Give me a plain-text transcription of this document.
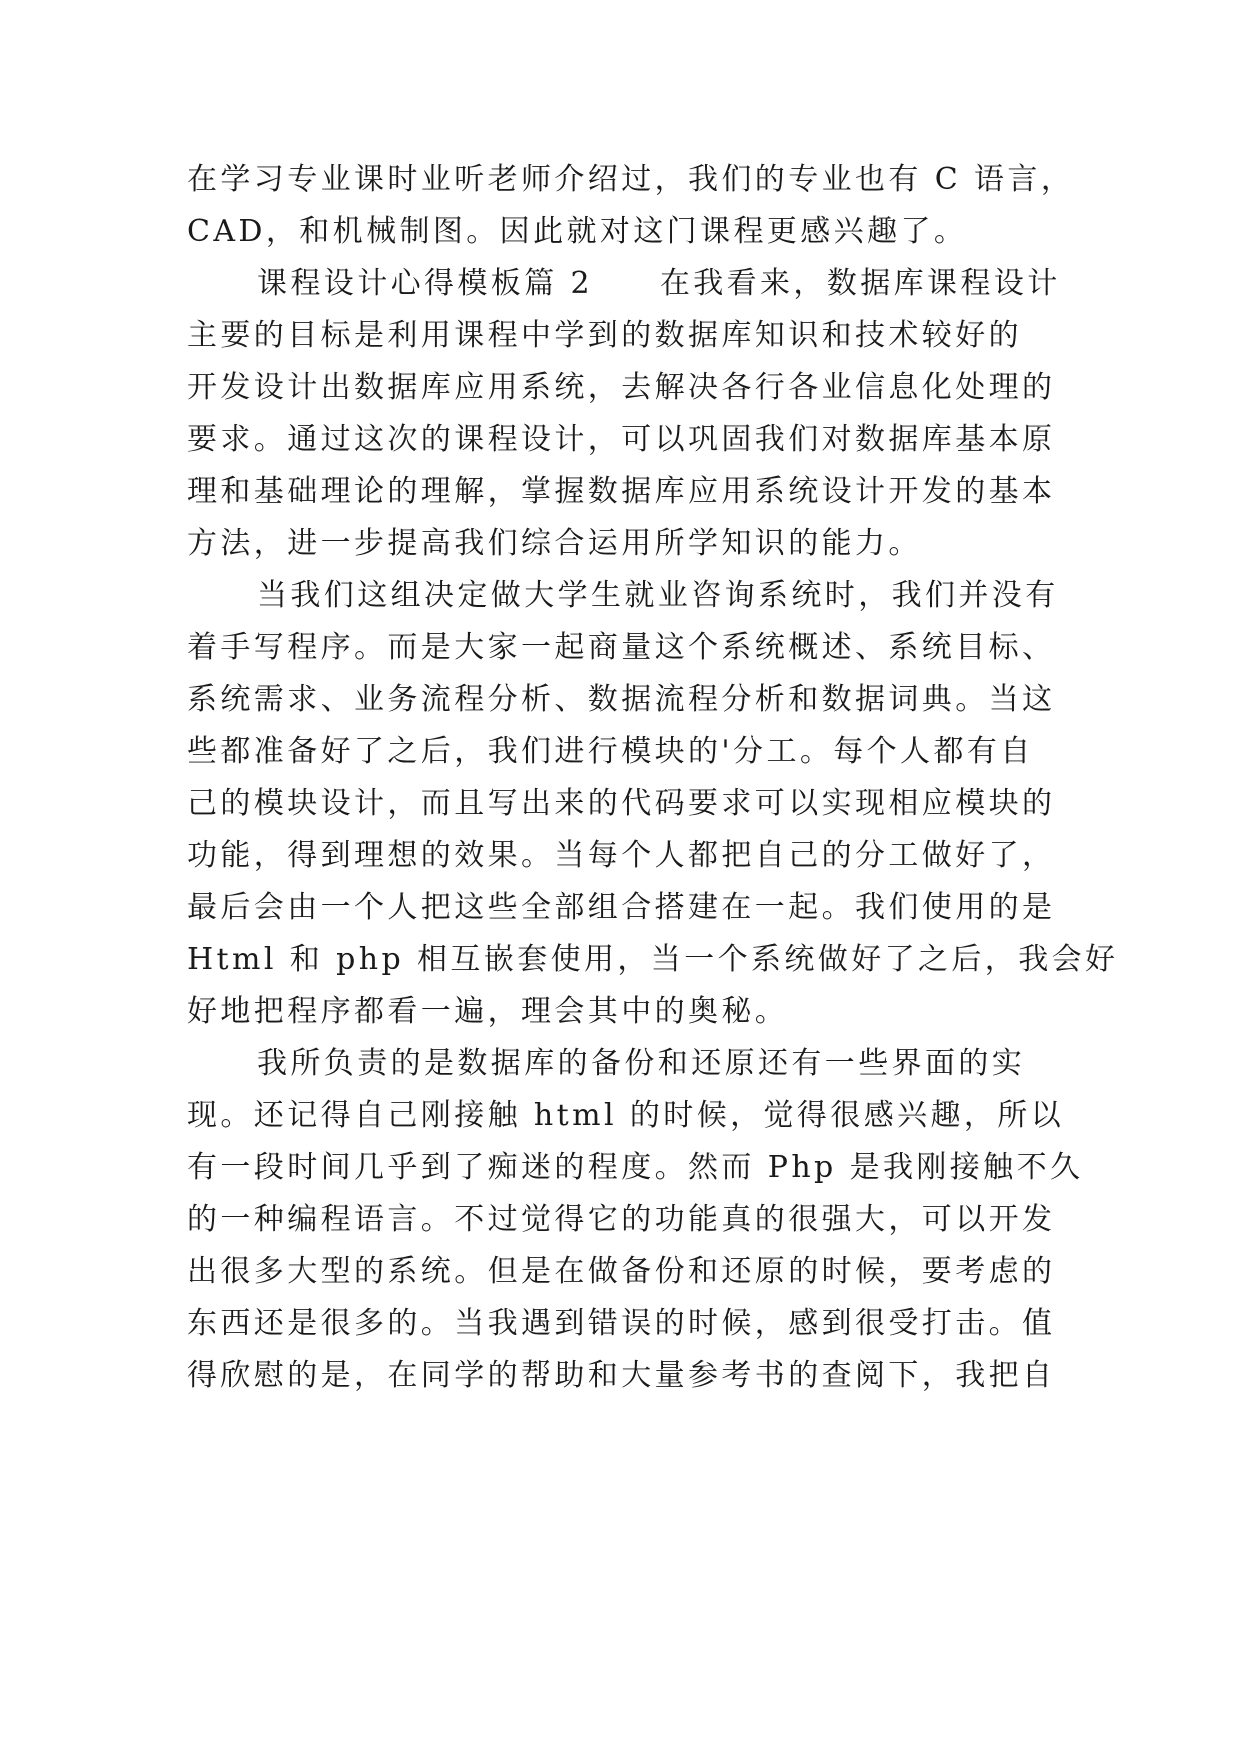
在学习专业课时业听老师介绍过，我们的专业也有 C 语言，
CAD，和机械制图。因此就对这门课程更感兴趣了。
课程设计心得模板篇 2　　在我看来，数据库课程设计
主要的目标是利用课程中学到的数据库知识和技术较好的
开发设计出数据库应用系统，去解决各行各业信息化处理的
要求。通过这次的课程设计，可以巩固我们对数据库基本原
理和基础理论的理解，掌握数据库应用系统设计开发的基本
方法，进一步提高我们综合运用所学知识的能力。
当我们这组决定做大学生就业咨询系统时，我们并没有
着手写程序。而是大家一起商量这个系统概述、系统目标、
系统需求、业务流程分析、数据流程分析和数据词典。当这
些都准备好了之后，我们进行模块的'分工。每个人都有自
己的模块设计，而且写出来的代码要求可以实现相应模块的
功能，得到理想的效果。当每个人都把自己的分工做好了，
最后会由一个人把这些全部组合搭建在一起。我们使用的是
Html 和 php 相互嵌套使用，当一个系统做好了之后，我会好
好地把程序都看一遍，理会其中的奥秘。
我所负责的是数据库的备份和还原还有一些界面的实
现。还记得自己刚接触 html 的时候，觉得很感兴趣，所以
有一段时间几乎到了痴迷的程度。然而 Php 是我刚接触不久
的一种编程语言。不过觉得它的功能真的很强大，可以开发
出很多大型的系统。但是在做备份和还原的时候，要考虑的
东西还是很多的。当我遇到错误的时候，感到很受打击。值
得欣慰的是，在同学的帮助和大量参考书的查阅下，我把自
